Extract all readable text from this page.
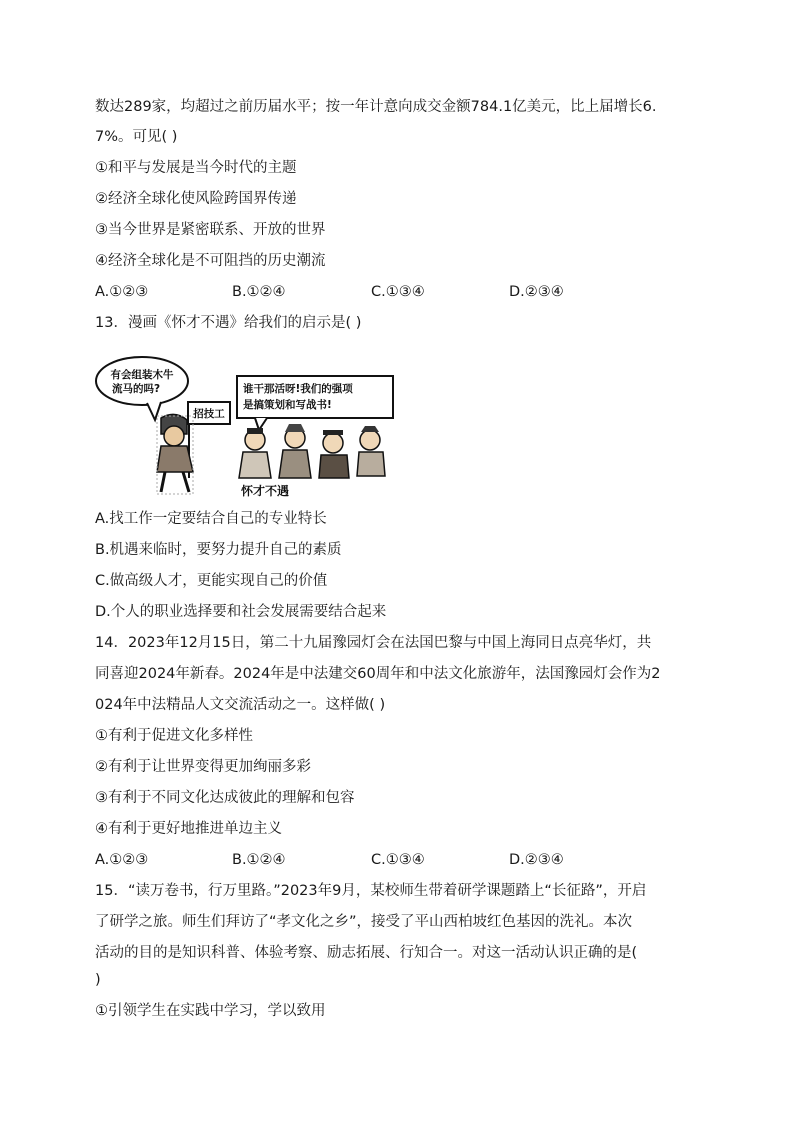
数达289家，均超过之前历届水平；按一年计意向成交金额784.1亿美元，比上届增长6.
7%。可见( )
①和平与发展是当今时代的主题
②经济全球化使风险跨国界传递
③当今世界是紧密联系、开放的世界
④经济全球化是不可阻挡的历史潮流
A.①②③	B.①②④	C.①③④	D.②③④
13．漫画《怀才不遇》给我们的启示是( )
有会组装木牛
流马的吗?
招技工
谁干那活呀!我们的强项
是搞策划和写战书!
怀才不遇
A.找工作一定要结合自己的专业特长
B.机遇来临时，要努力提升自己的素质
C.做高级人才，更能实现自己的价值
D.个人的职业选择要和社会发展需要结合起来
14．2023年12月15日，第二十九届豫园灯会在法国巴黎与中国上海同日点亮华灯，共
同喜迎2024年新春。2024年是中法建交60周年和中法文化旅游年，法国豫园灯会作为2
024年中法精品人文交流活动之一。这样做( )
①有利于促进文化多样性
②有利于让世界变得更加绚丽多彩
③有利于不同文化达成彼此的理解和包容
④有利于更好地推进单边主义
A.①②③	B.①②④	C.①③④	D.②③④
15．“读万卷书，行万里路。”2023年9月，某校师生带着研学课题踏上“长征路”，开启
了研学之旅。师生们拜访了“孝文化之乡”，接受了平山西柏坡红色基因的洗礼。本次
活动的目的是知识科普、体验考察、励志拓展、行知合一。对这一活动认识正确的是(
)
①引领学生在实践中学习，学以致用
